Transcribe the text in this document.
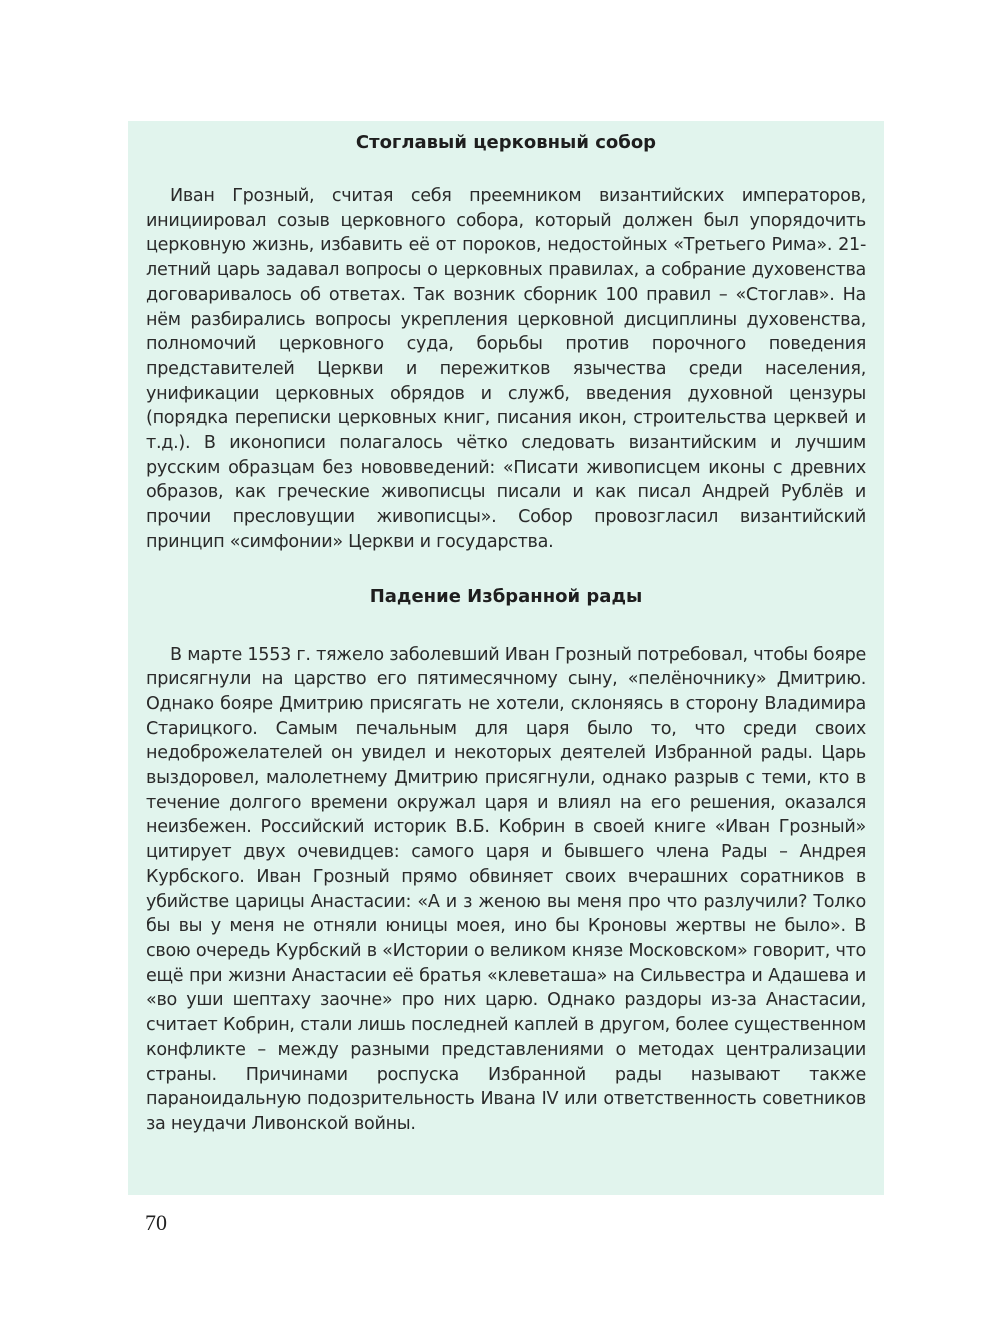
Стоглавый церковный собор

Иван Грозный, считая себя преемником византийских императоров, инициировал созыв церковного собора, который должен был упорядочить церковную жизнь, избавить её от пороков, недостойных «Третьего Рима». 21-летний царь задавал вопросы о церковных правилах, а собрание духовенства договаривалось об ответах. Так возник сборник 100 правил – «Стоглав». На нём разбирались вопросы укрепления церковной дисциплины духовенства, полномочий церковного суда, борьбы против порочного поведения представителей Церкви и пережитков язычества среди населения, унификации церковных обрядов и служб, введения духовной цензуры (порядка переписки церковных книг, писания икон, строительства церквей и т.д.). В иконописи полагалось чётко следовать византийским и лучшим русским образцам без нововведений: «Писати живописцем иконы с древних образов, как греческие живописцы писали и как писал Андрей Рублёв и прочии пресловущии живописцы». Собор провозгласил византийский принцип «симфонии» Церкви и государства.

Падение Избранной рады

В марте 1553 г. тяжело заболевший Иван Грозный потребовал, чтобы бояре присягнули на царство его пятимесячному сыну, «пелёночнику» Дмитрию. Однако бояре Дмитрию присягать не хотели, склоняясь в сторону Владимира Старицкого. Самым печальным для царя было то, что среди своих недоброжелателей он увидел и некоторых деятелей Избранной рады. Царь выздоровел, малолетнему Дмитрию присягнули, однако разрыв с теми, кто в течение долгого времени окружал царя и влиял на его решения, оказался неизбежен. Российский историк В.Б. Кобрин в своей книге «Иван Грозный» цитирует двух очевидцев: самого царя и бывшего члена Рады – Андрея Курбского. Иван Грозный прямо обвиняет своих вчерашних соратников в убийстве царицы Анастасии: «А и з женою вы меня про что разлучили? Толко бы вы у меня не отняли юницы моея, ино бы Кроновы жертвы не было». В свою очередь Курбский в «Истории о великом князе Московском» говорит, что ещё при жизни Анастасии её братья «клеветаша» на Сильвестра и Адашева и «во уши шептаху заочне» про них царю. Однако раздоры из-за Анастасии, считает Кобрин, стали лишь последней каплей в другом, более существенном конфликте – между разными представлениями о методах централизации страны. Причинами роспуска Избранной рады называют также параноидальную подозрительность Ивана IV или ответственность советников за неудачи Ливонской войны.

70
